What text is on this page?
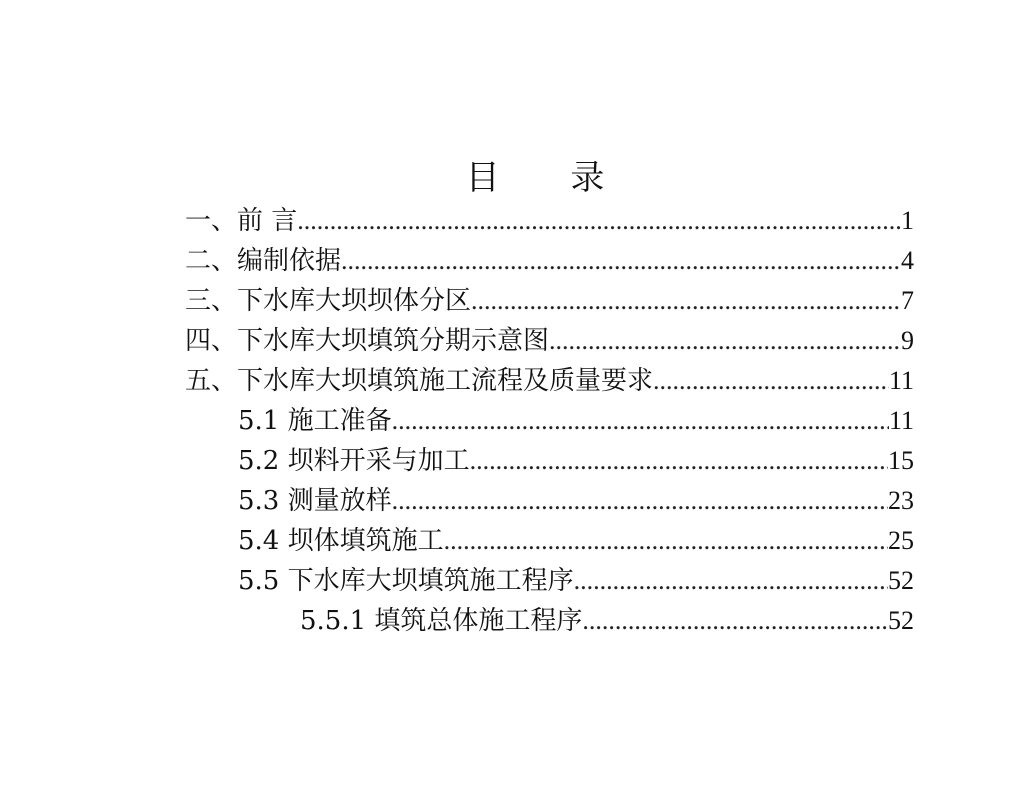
目 录
一、前 言 .....	1
二、编制依据 .....	4
三、下水库大坝坝体分区 .....	7
四、下水库大坝填筑分期示意图 .....	9
五、下水库大坝填筑施工流程及质量要求 .....	11
5.1 施工准备 .....	11
5.2 坝料开采与加工 .....	15
5.3 测量放样 .....	23
5.4 坝体填筑施工 .....	25
5.5 下水库大坝填筑施工程序 .....	52
5.5.1 填筑总体施工程序 .....	52
